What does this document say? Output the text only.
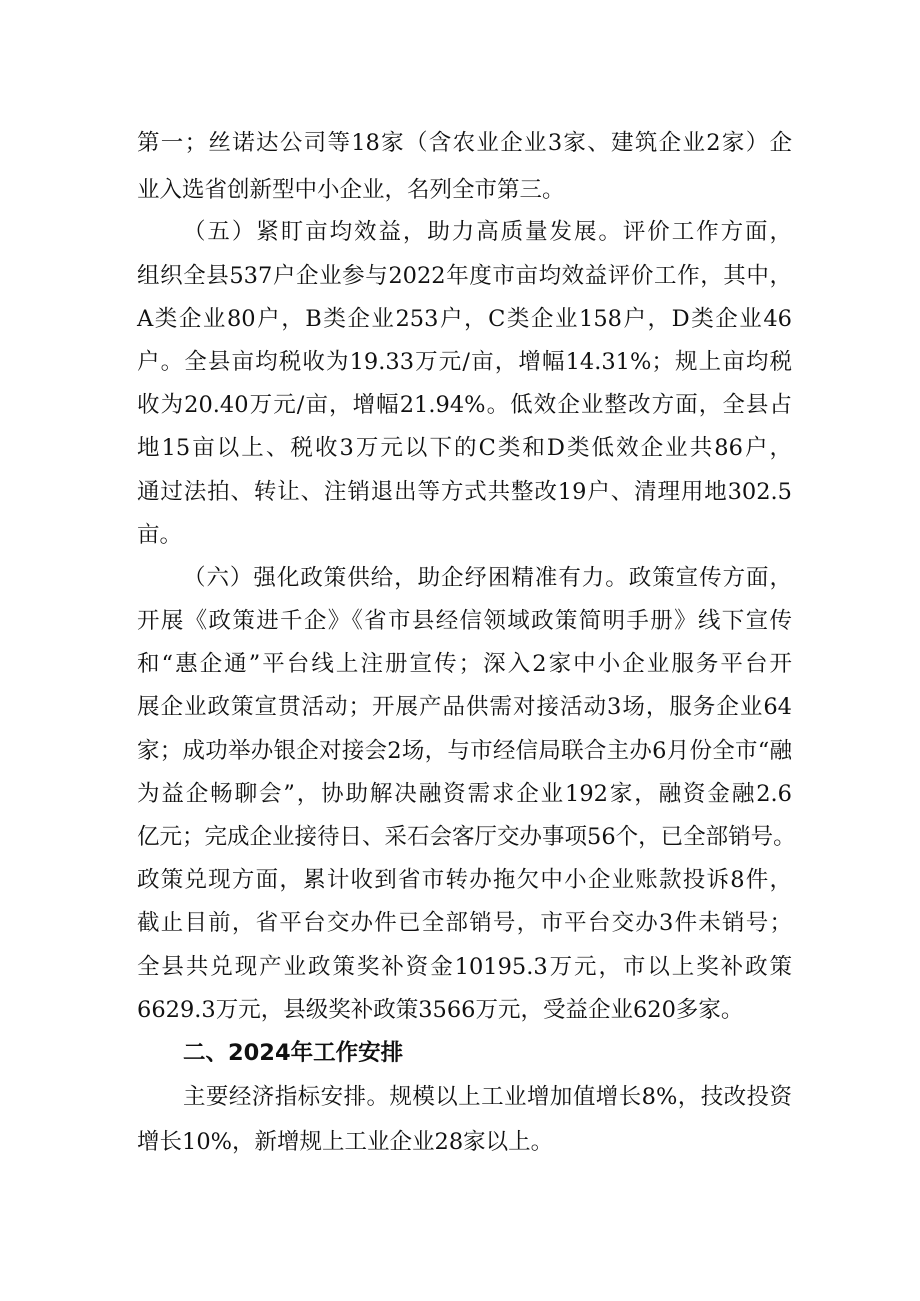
第一；丝诺达公司等18家（含农业企业3家、建筑企业2家）企
业入选省创新型中小企业，名列全市第三。
（五）紧盯亩均效益，助力高质量发展。评价工作方面，
组织全县537户企业参与2022年度市亩均效益评价工作，其中，
A类企业80户，B类企业253户，C类企业158户，D类企业46
户。全县亩均税收为19.33万元/亩，增幅14.31%；规上亩均税
收为20.40万元/亩，增幅21.94%。低效企业整改方面，全县占
地15亩以上、税收3万元以下的C类和D类低效企业共86户，
通过法拍、转让、注销退出等方式共整改19户、清理用地302.5
亩。
（六）强化政策供给，助企纾困精准有力。政策宣传方面，
开展《政策进千企》《省市县经信领域政策简明手册》线下宣传
和“惠企通”平台线上注册宣传；深入2家中小企业服务平台开
展企业政策宣贯活动；开展产品供需对接活动3场，服务企业64
家；成功举办银企对接会2场，与市经信局联合主办6月份全市“融
为益企畅聊会”，协助解决融资需求企业192家，融资金融2.6
亿元；完成企业接待日、采石会客厅交办事项56个，已全部销号。
政策兑现方面，累计收到省市转办拖欠中小企业账款投诉8件，
截止目前，省平台交办件已全部销号，市平台交办3件未销号；
全县共兑现产业政策奖补资金10195.3万元，市以上奖补政策
6629.3万元，县级奖补政策3566万元，受益企业620多家。
二、2024年工作安排
主要经济指标安排。规模以上工业增加值增长8%，技改投资
增长10%，新增规上工业企业28家以上。
